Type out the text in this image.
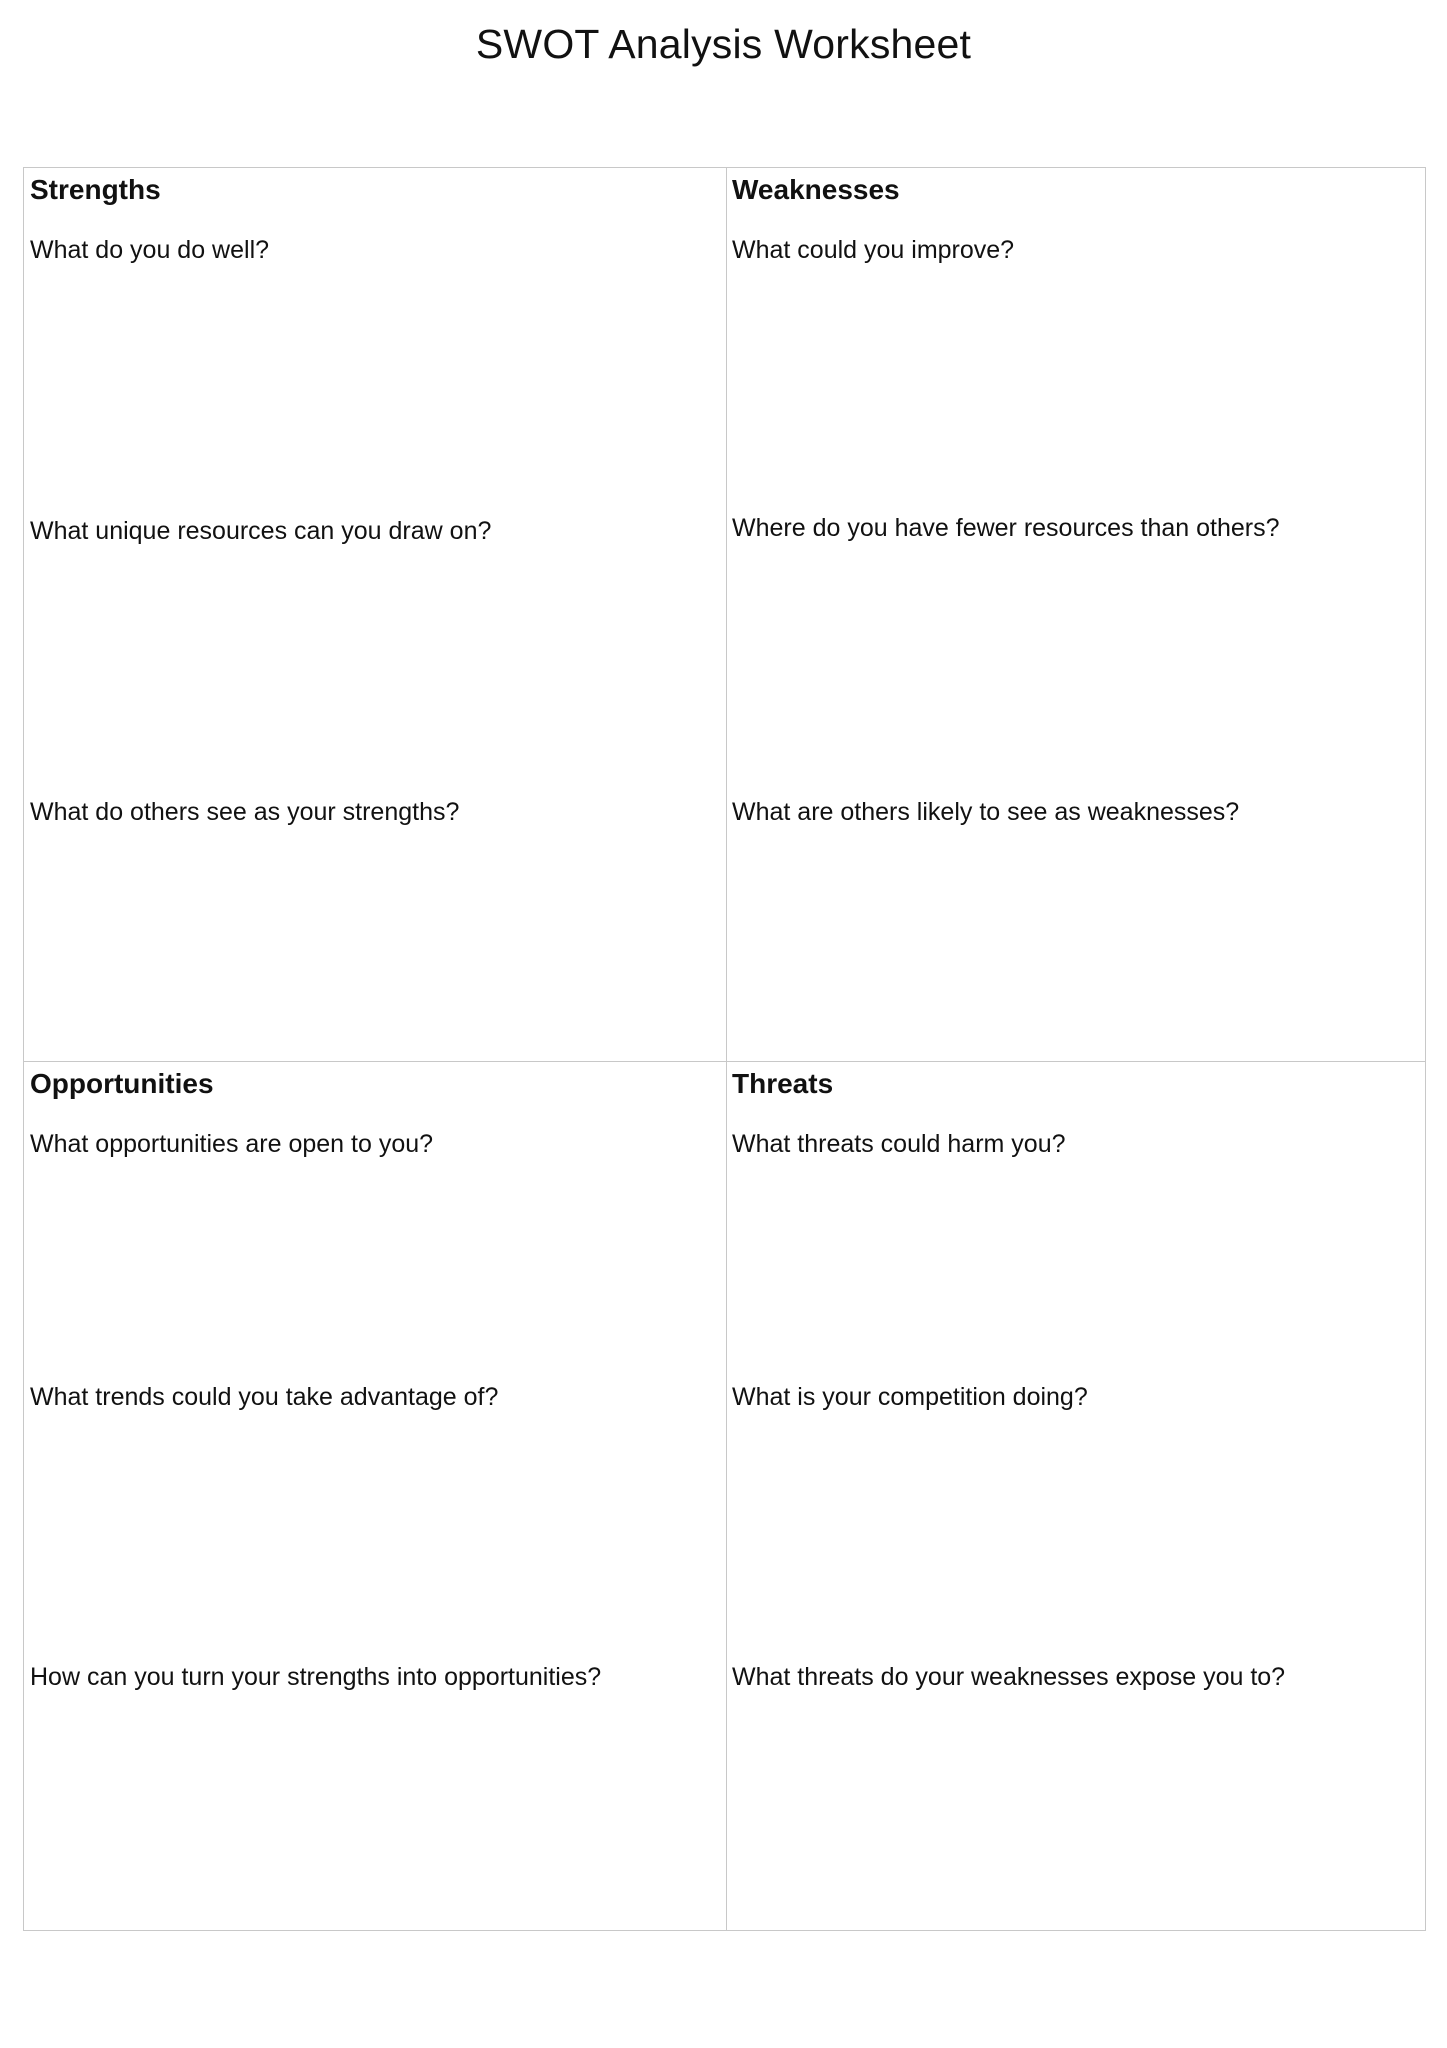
SWOT Analysis Worksheet
Strengths

What do you do well?

What unique resources can you draw on?

What do others see as your strengths?

Weaknesses

What could you improve?

Where do you have fewer resources than others?

What are others likely to see as weaknesses?

Opportunities

What opportunities are open to you?

What trends could you take advantage of?

How can you turn your strengths into opportunities?

Threats

What threats could harm you?

What is your competition doing?

What threats do your weaknesses expose you to?
